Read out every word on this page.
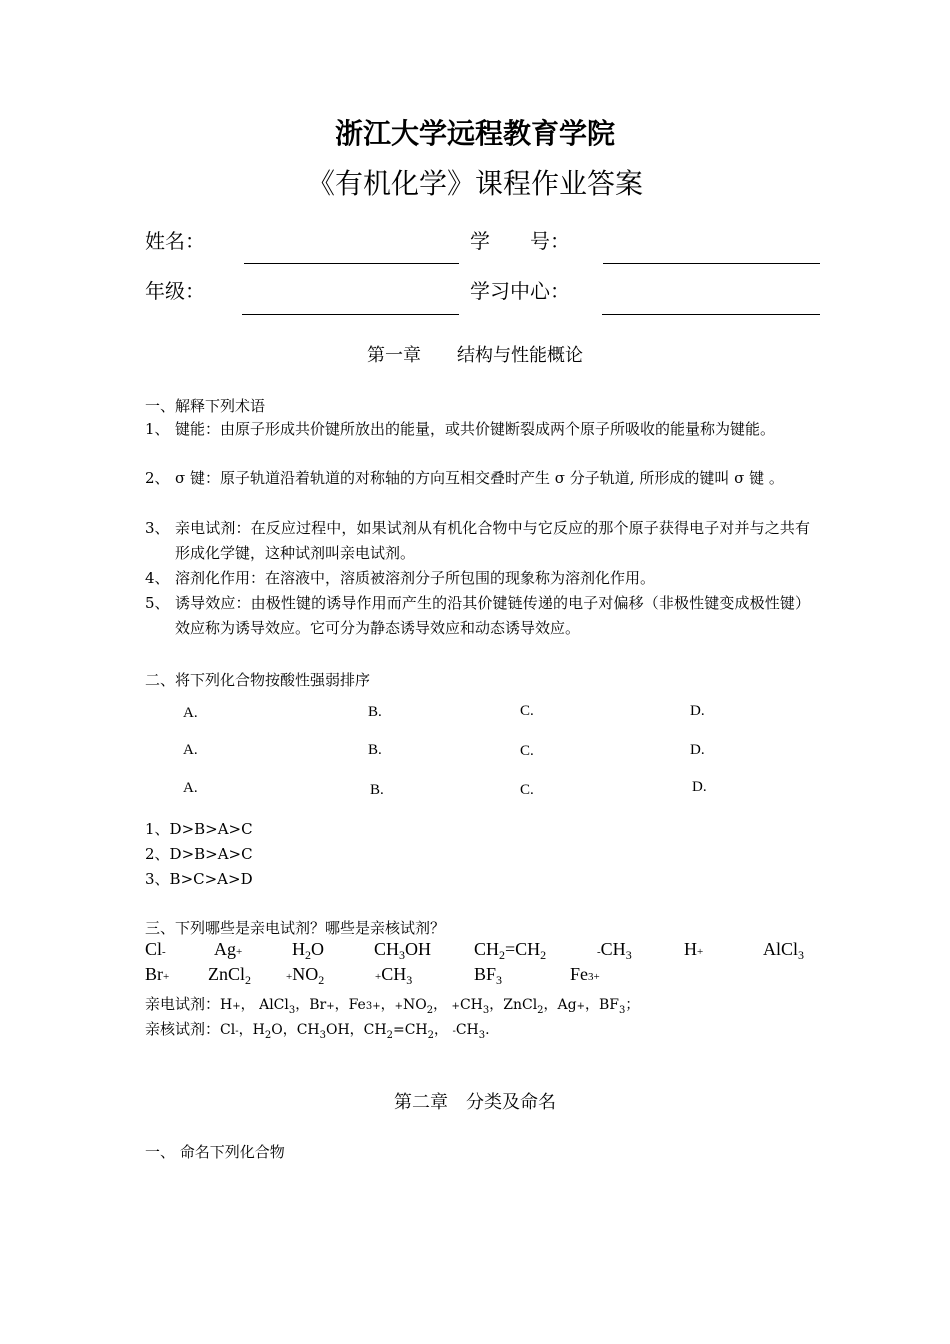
浙江大学远程教育学院
《有机化学》课程作业答案
姓名：	学　　号：
年级：	学习中心：
第一章　　结构与性能概论
一、解释下列术语
1、 键能：由原子形成共价键所放出的能量，或共价键断裂成两个原子所吸收的能量称为键能。
2、 σ 键：原子轨道沿着轨道的对称轴的方向互相交叠时产生 σ 分子轨道, 所形成的键叫 σ 键 。
3、 亲电试剂：在反应过程中，如果试剂从有机化合物中与它反应的那个原子获得电子对并与之共有形成化学键，这种试剂叫亲电试剂。
4、 溶剂化作用：在溶液中，溶质被溶剂分子所包围的现象称为溶剂化作用。
5、 诱导效应：由极性键的诱导作用而产生的沿其价键链传递的电子对偏移（非极性键变成极性键）效应称为诱导效应。它可分为静态诱导效应和动态诱导效应。
二、将下列化合物按酸性强弱排序
A.	B.	C.	D.
A.	B.	C.	D.
A.	B.	C.	D.
1、D>B>A>C
2、D>B>A>C
3、B>C>A>D
三、下列哪些是亲电试剂？哪些是亲核试剂？
Cl-	Ag+	$H_2O$	$CH_3OH$ $CH_2=CH_2$	$-CH_3$	H+	AlCl$_3$
Br+ ZnCl$_2$	$+NO_2$	$+CH_3$	$BF_3$	Fe3+
亲电试剂：H+， AlCl$_3$，Br+，Fe3+，$+NO_2$， $+CH_3$，ZnCl$_2$，Ag+，$BF_3$；
亲核试剂：Cl-，$H_2O$，$CH_3OH$，$CH_2=CH_2$， $-CH_3$.
第二章　分类及命名
一、 命名下列化合物
